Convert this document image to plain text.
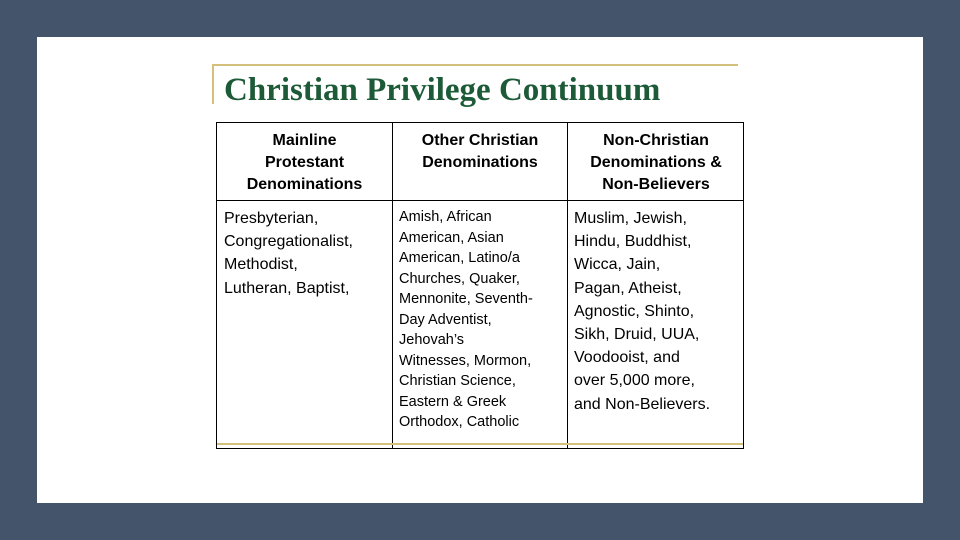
Christian Privilege Continuum
Mainline
Protestant
Denominations
Other Christian
Denominations
Non-Christian
Denominations &
Non-Believers
Presbyterian,
Congregationalist,
Methodist,
Lutheran, Baptist,
Amish, African
American, Asian
American, Latino/a
Churches, Quaker,
Mennonite, Seventh-
Day Adventist,
Jehovah’s
Witnesses, Mormon,
Christian Science,
Eastern & Greek
Orthodox, Catholic
Muslim, Jewish,
Hindu, Buddhist,
Wicca, Jain,
Pagan, Atheist,
Agnostic, Shinto,
Sikh, Druid, UUA,
Voodooist, and
over 5,000 more,
and Non-Believers.
